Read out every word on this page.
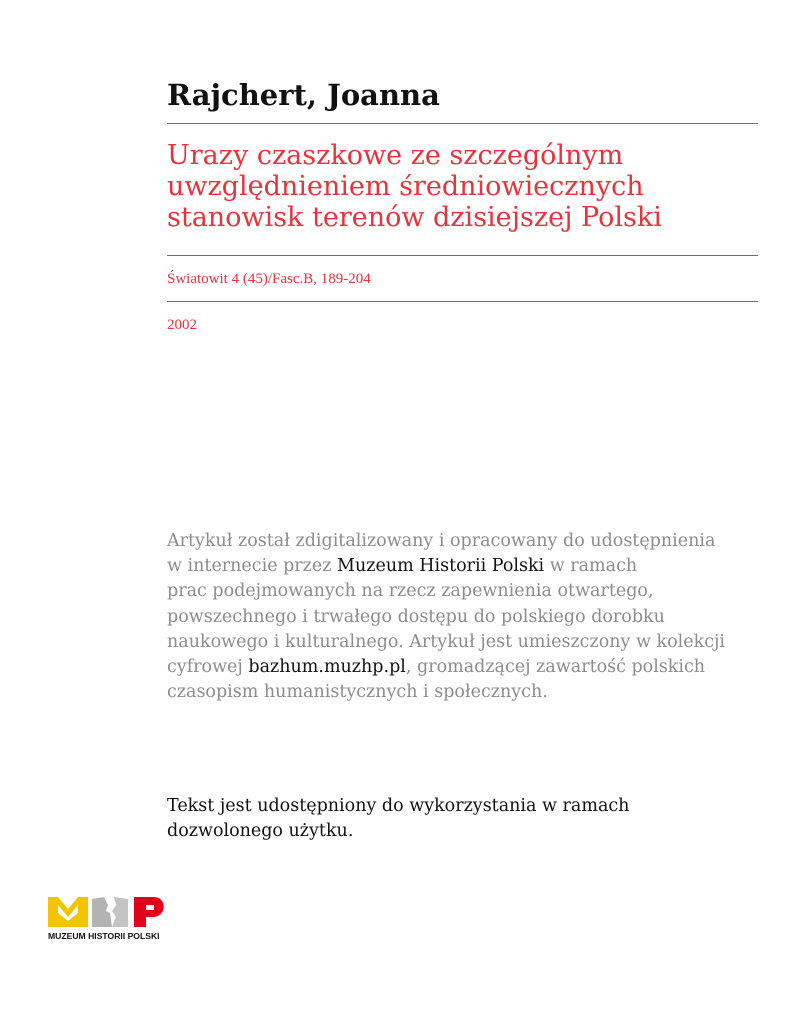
Rajchert, Joanna
Urazy czaszkowe ze szczególnym
uwzględnieniem średniowiecznych
stanowisk terenów dzisiejszej Polski
Światowit 4 (45)/Fasc.B, 189-204
2002
Artykuł został zdigitalizowany i opracowany do udostępnienia
w internecie przez Muzeum Historii Polski w ramach
prac podejmowanych na rzecz zapewnienia otwartego,
powszechnego i trwałego dostępu do polskiego dorobku
naukowego i kulturalnego. Artykuł jest umieszczony w kolekcji
cyfrowej bazhum.muzhp.pl, gromadzącej zawartość polskich
czasopism humanistycznych i społecznych.
Tekst jest udostępniony do wykorzystania w ramach
dozwolonego użytku.
MUZEUM HISTORII POLSKI
